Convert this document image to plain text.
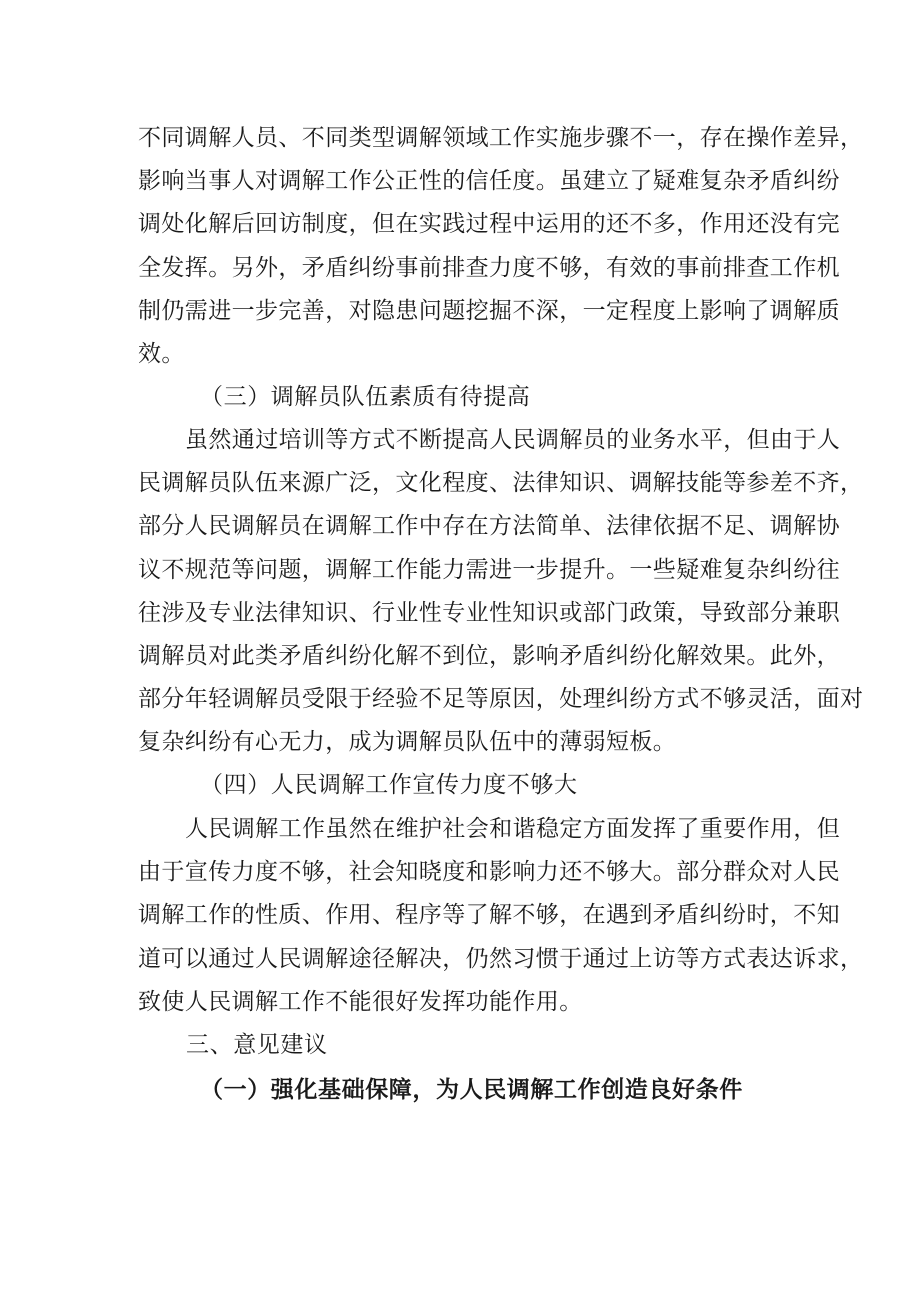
不同调解人员、不同类型调解领域工作实施步骤不一，存在操作差异，
影响当事人对调解工作公正性的信任度。虽建立了疑难复杂矛盾纠纷
调处化解后回访制度，但在实践过程中运用的还不多，作用还没有完
全发挥。另外，矛盾纠纷事前排查力度不够，有效的事前排查工作机
制仍需进一步完善，对隐患问题挖掘不深，一定程度上影响了调解质
效。
（三）调解员队伍素质有待提高
虽然通过培训等方式不断提高人民调解员的业务水平，但由于人
民调解员队伍来源广泛，文化程度、法律知识、调解技能等参差不齐，
部分人民调解员在调解工作中存在方法简单、法律依据不足、调解协
议不规范等问题，调解工作能力需进一步提升。一些疑难复杂纠纷往
往涉及专业法律知识、行业性专业性知识或部门政策，导致部分兼职
调解员对此类矛盾纠纷化解不到位，影响矛盾纠纷化解效果。此外，
部分年轻调解员受限于经验不足等原因，处理纠纷方式不够灵活，面对
复杂纠纷有心无力，成为调解员队伍中的薄弱短板。
（四）人民调解工作宣传力度不够大
人民调解工作虽然在维护社会和谐稳定方面发挥了重要作用，但
由于宣传力度不够，社会知晓度和影响力还不够大。部分群众对人民
调解工作的性质、作用、程序等了解不够，在遇到矛盾纠纷时，不知
道可以通过人民调解途径解决，仍然习惯于通过上访等方式表达诉求，
致使人民调解工作不能很好发挥功能作用。
三、意见建议
（一）强化基础保障，为人民调解工作创造良好条件
